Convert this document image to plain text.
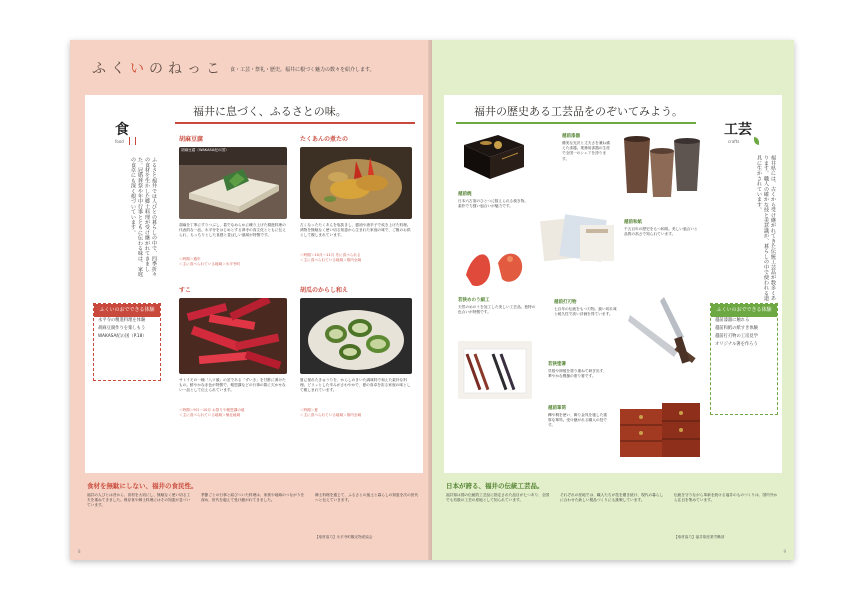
ふくいのねっこ 食・工芸・祭礼・歴史。福井に根づく魅力の数々を紹介します。
福井に息づく、ふるさとの味。
食
food
ふるさと福井では人びとの暮らしの中で、四季折々の食材を生かした郷土料理が受け継がれてきました。冠婚葬祭や年中行事とともに伝わる味は、家庭の食卓にも深く根づいています。
ふくいのおでできる体験
永平寺の精進料理を体験
胡麻豆腐作りを楽しもう
WAKASA紀の国（P.18）
胡麻豆腐
胡麻豆腐（WAKASA紀の国）
胡麻を丁寧にすりつぶし、葛でなめらかに練り上げた精進料理の代表的な一品。永平寺をはじめとする禅寺の食文化とともに伝えられ、もっちりとした食感と香ばしい風味が特徴です。
＜時期＞通年
＜主に食べられている地域＞永平寺町
たくあんの煮たの
古くなったたくあんを塩抜きし、醤油や唐辛子で炊き上げた料理。漬物を無駄なく使い切る知恵から生まれた家庭の味で、ご飯のお供として親しまれています。
＜時期＞10月〜11月 冬に食べられる
＜主に食べられている地域＞県内全域
すこ
サトイモの一種「八ツ頭」の茎である「ずいき」を甘酢に漬けたもの。鮮やかな赤色が特徴で、報恩講などの行事の際に欠かせない一品として伝えられています。
＜時期＞9月〜10月 お祭りや報恩講の頃
＜主に食べられている地域＞嶺北地域
胡瓜のからし和え
夏に採れたきゅうりを、からしのきいた調味料で和えた素朴な料理。ピリッとした辛みがさわやかで、夏の食卓を彩る家庭の味として親しまれています。
＜時期＞夏
＜主に食べられている地域＞県内全域
食材を無駄にしない、福井の食民性。
福井の人びとは昔から、食材を大切にし、無駄なく使い切る工夫を重ねてきました。保存食や郷土料理にはその知恵が息づいています。
季節ごとの行事と結びついた料理は、家族や地域のつながりを深め、世代を越えて受け継がれてきました。
郷土料理を通じて、ふるさとの風土と暮らしの知恵を次の世代へと伝えていきます。
【取材協力】永平寺町観光物産協会
8
福井の歴史ある工芸品をのぞいてみよう。
工芸
crafts
福井県には、古くから受け継がれてきた伝統工芸品が数多くあります。職人の確かな技と美意識が、暮らしの中で使われる道具に生かされています。
ふくいのおでできる体験
越前漆器に触れる
越前和紙の紙すき体験
越前打刃物の工房見学
オリジナル箸を作ろう
越前漆器
優美な光沢と丈夫さを兼ね備えた漆器。業務用漆器の生産で全国一のシェアを誇ります。
越前焼
日本六古窯のひとつに数えられる焼き物。素朴で力強い風合いが魅力です。
越前和紙
千五百年の歴史をもつ和紙。美しい風合いと品質の高さで知られています。
若狭めのう細工
天然のめのうを加工した美しい工芸品。独特の色合いが特徴です。
越前打刃物
七百年の伝統をもつ刃物。鋭い切れ味と耐久性で高い評価を得ています。
若狭塗箸
貝殻や卵殻を塗り重ねて研ぎ出す、華やかな模様の塗り箸です。
越前箪笥
欅や桐を使い、飾り金具を施した重厚な箪笥。受け継がれる職人の技です。
日本が誇る、福井の伝統工芸品。
福井県は国の伝統的工芸品に指定された品目が七つあり、全国でも有数の工芸の産地として知られています。
それぞれの産地では、職人たちが技を磨き続け、現代の暮らしに合わせた新しい製品づくりにも挑戦しています。
伝統を守りながら革新を続ける福井のものづくりは、国内外から注目を集めています。
【取材協力】福井県産業労働部
9
